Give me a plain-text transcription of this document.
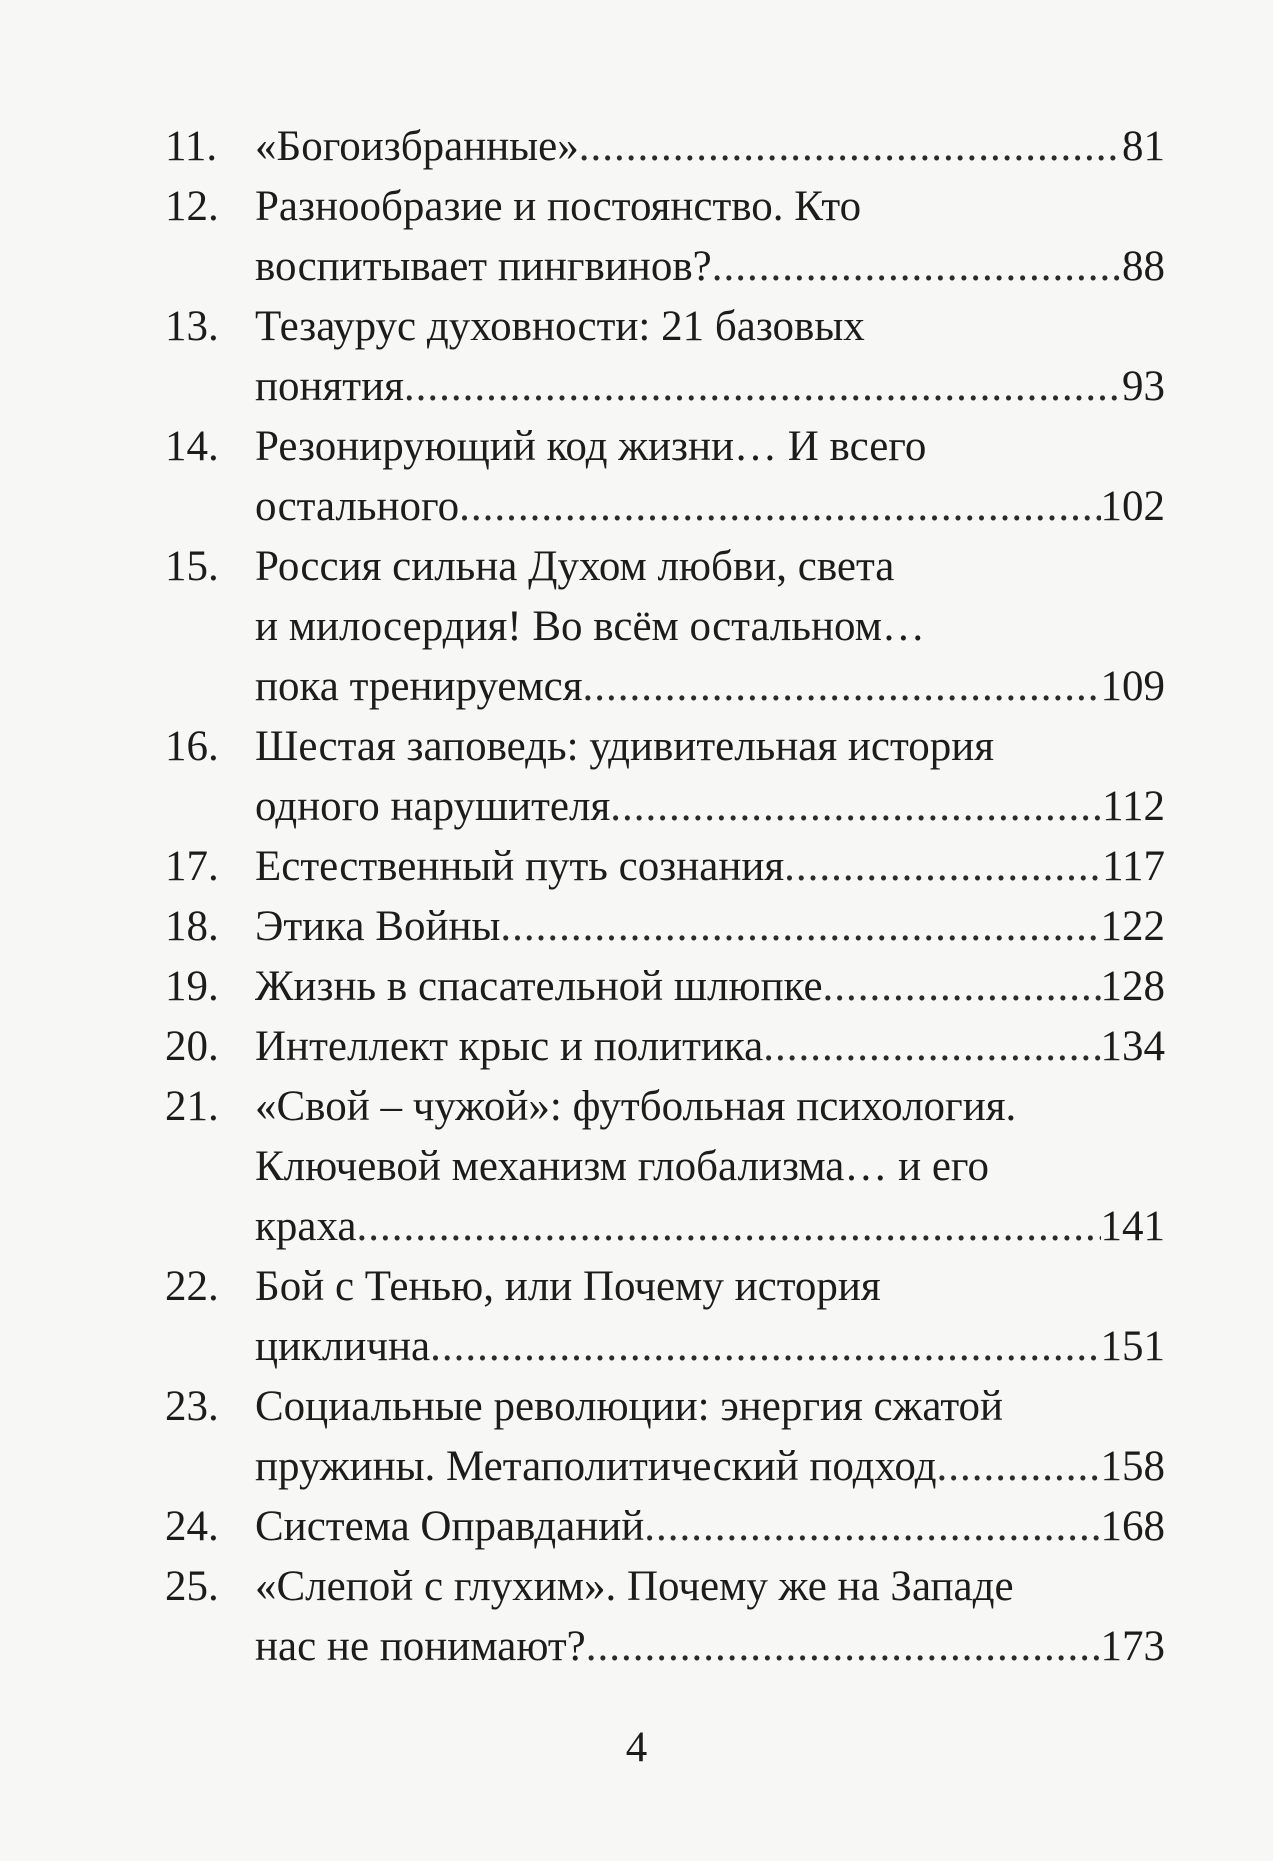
11. «Богоизбранные» .....	81
12. Разнообразие и постоянство. Кто
воспитывает пингвинов? .....	88
13. Тезаурус духовности: 21 базовых
понятия .....	93
14. Резонирующий код жизни… И всего
остального .....	102
15. Россия сильна Духом любви, света
и милосердия! Во всём остальном…
пока тренируемся .....	109
16. Шестая заповедь: удивительная история
одного нарушителя .....	112
17. Естественный путь сознания .....	117
18. Этика Войны .....	122
19. Жизнь в спасательной шлюпке .....	128
20. Интеллект крыс и политика .....	134
21. «Свой – чужой»: футбольная психология.
Ключевой механизм глобализма… и его
краха .....	141
22. Бой с Тенью, или Почему история
циклична .....	151
23. Социальные революции: энергия сжатой
пружины. Метаполитический подход .....	158
24. Система Оправданий .....	168
25. «Слепой с глухим». Почему же на Западе
нас не понимают? .....	173
4
